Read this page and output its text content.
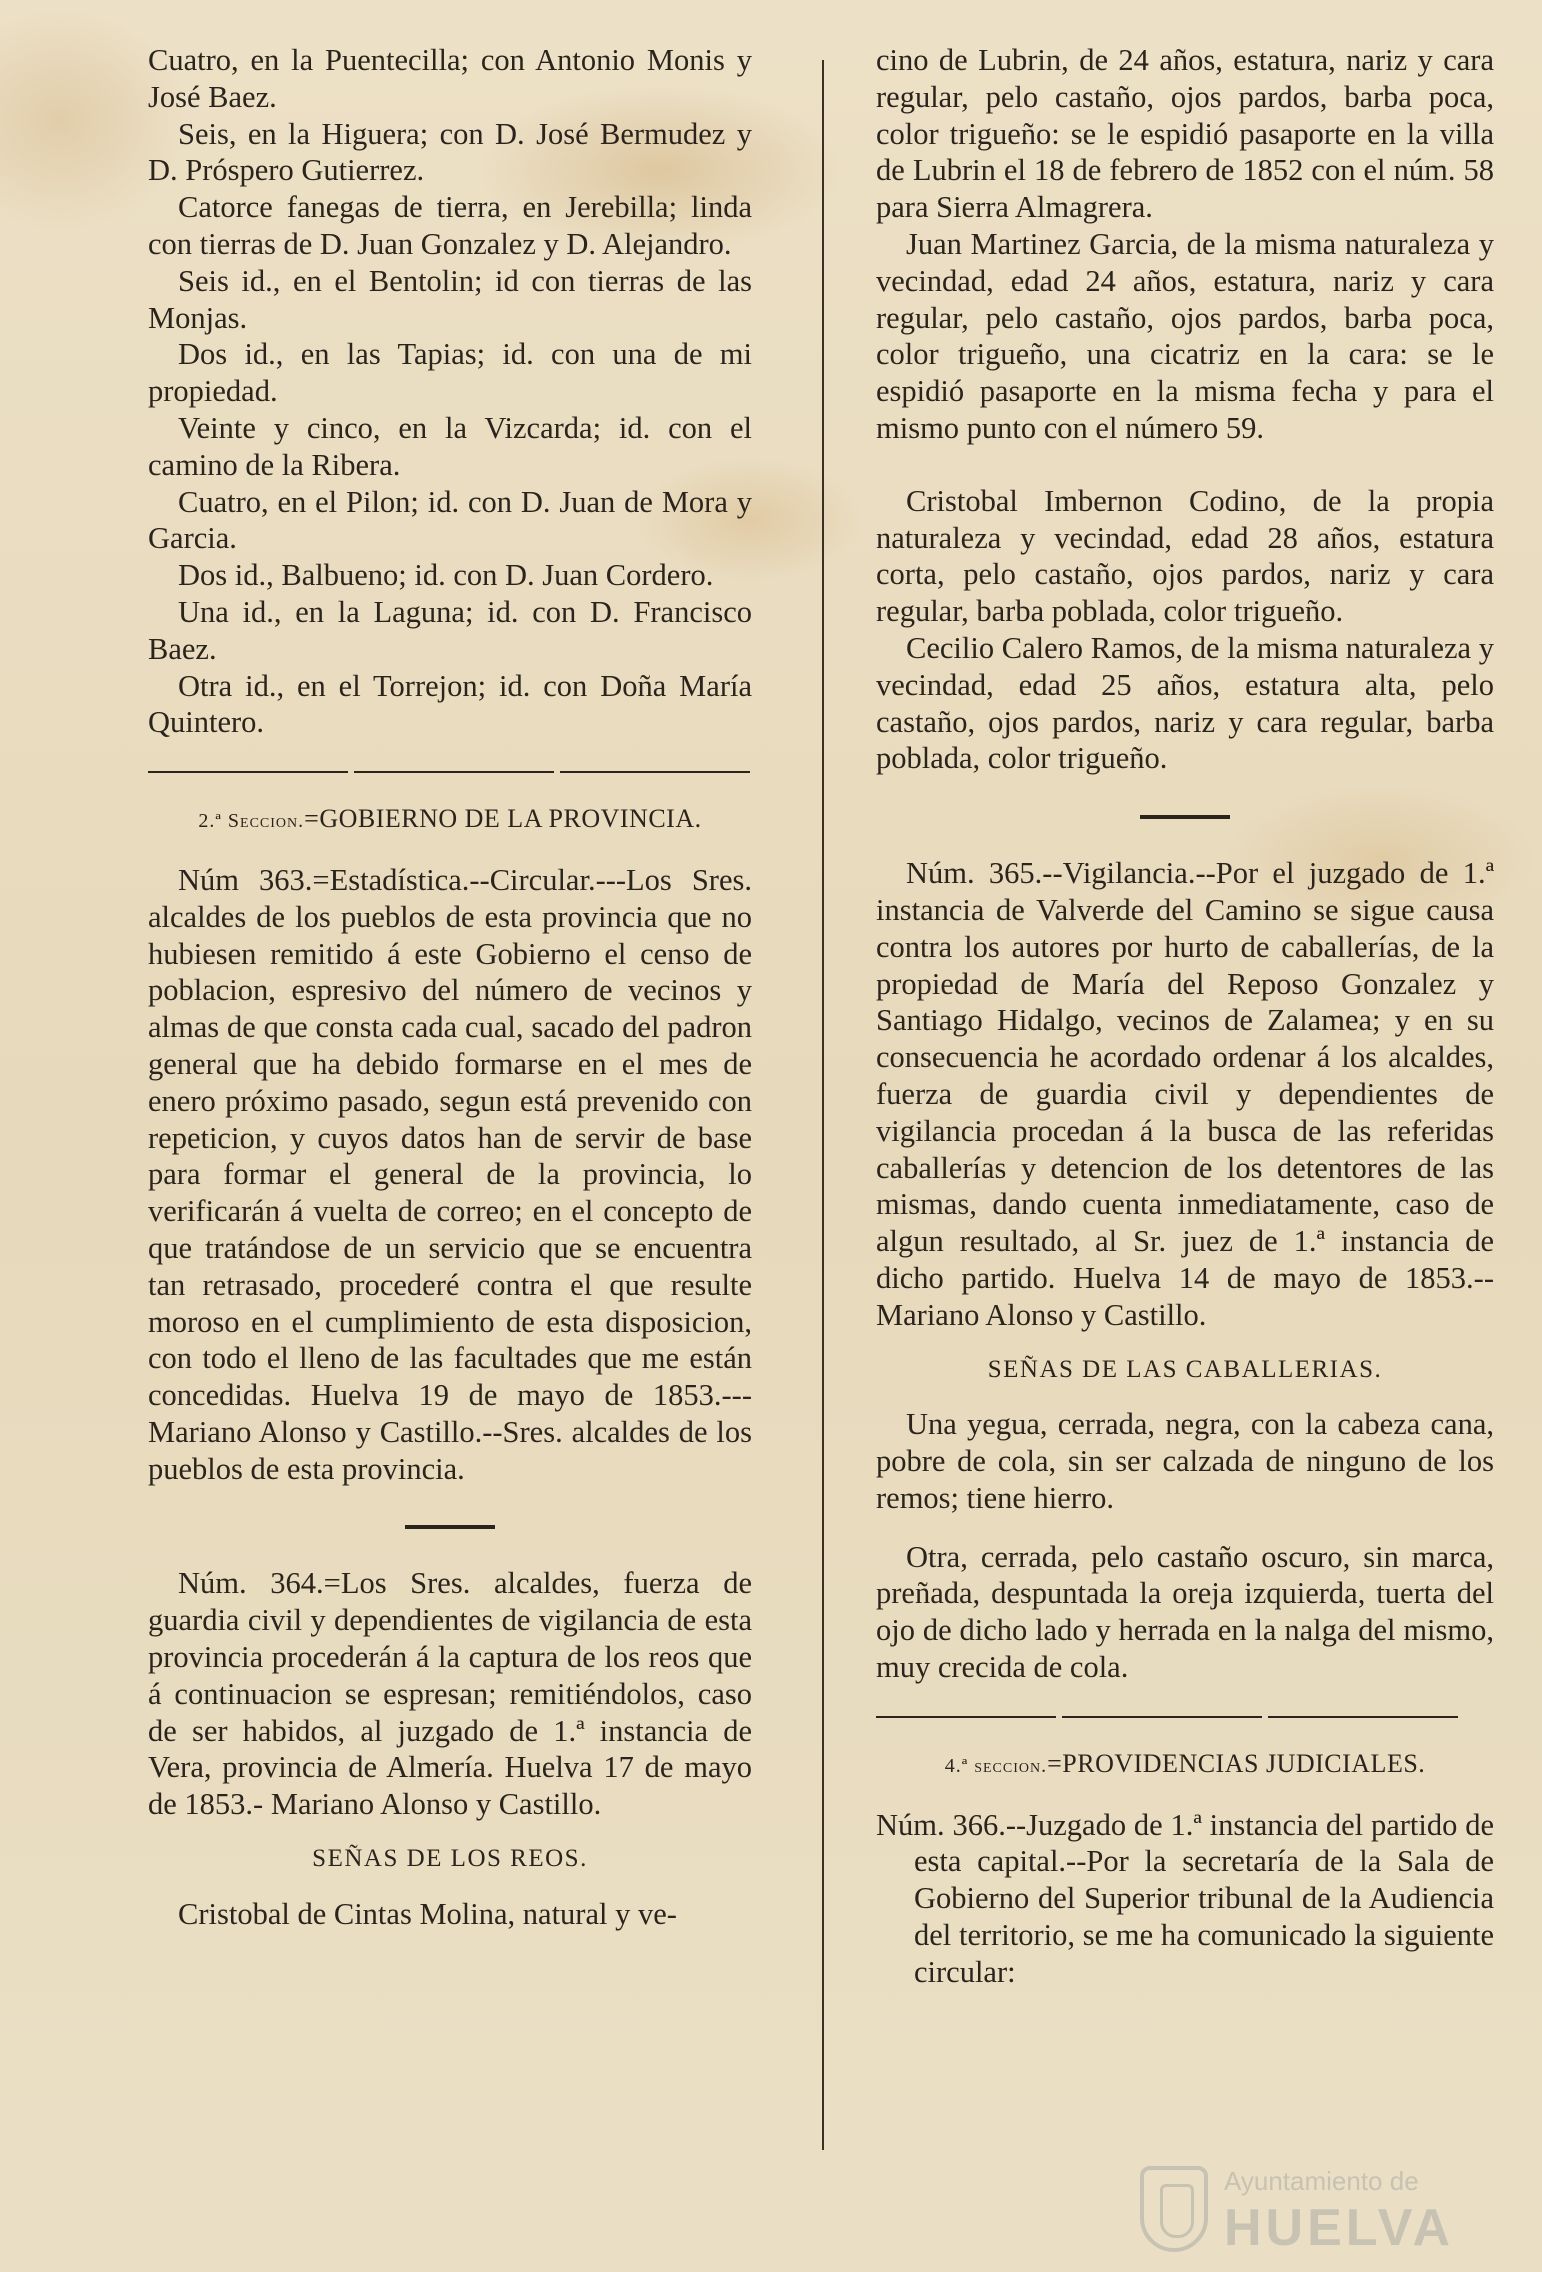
Cuatro, en la Puentecilla; con Antonio Monis y José Baez.

Seis, en la Higuera; con D. José Bermudez y D. Próspero Gutierrez.

Catorce fanegas de tierra, en Jerebilla; linda con tierras de D. Juan Gonzalez y D. Alejandro.

Seis id., en el Bentolin; id con tierras de las Monjas.

Dos id., en las Tapias; id. con una de mi propiedad.

Veinte y cinco, en la Vizcarda; id. con el camino de la Ribera.

Cuatro, en el Pilon; id. con D. Juan de Mora y Garcia.

Dos id., Balbueno; id. con D. Juan Cordero.

Una id., en la Laguna; id. con D. Francisco Baez.

Otra id., en el Torrejon; id. con Doña María Quintero.

2.ª Seccion.=GOBIERNO DE LA PROVINCIA.

Núm 363.=Estadística.--Circular.---Los Sres. alcaldes de los pueblos de esta provincia que no hubiesen remitido á este Gobierno el censo de poblacion, espresivo del número de vecinos y almas de que consta cada cual, sacado del padron general que ha debido formarse en el mes de enero próximo pasado, segun está prevenido con repeticion, y cuyos datos han de servir de base para formar el general de la provincia, lo verificarán á vuelta de correo; en el concepto de que tratándose de un servicio que se encuentra tan retrasado, procederé contra el que resulte moroso en el cumplimiento de esta disposicion, con todo el lleno de las facultades que me están concedidas. Huelva 19 de mayo de 1853.--- Mariano Alonso y Castillo.--Sres. alcaldes de los pueblos de esta provincia.

Núm. 364.=Los Sres. alcaldes, fuerza de guardia civil y dependientes de vigilancia de esta provincia procederán á la captura de los reos que á continuacion se espresan; remitiéndolos, caso de ser habidos, al juzgado de 1.ª instancia de Vera, provincia de Almería. Huelva 17 de mayo de 1853.- Mariano Alonso y Castillo.

SEÑAS DE LOS REOS.

Cristobal de Cintas Molina, natural y ve-

cino de Lubrin, de 24 años, estatura, nariz y cara regular, pelo castaño, ojos pardos, barba poca, color trigueño: se le espidió pasaporte en la villa de Lubrin el 18 de febrero de 1852 con el núm. 58 para Sierra Almagrera.

Juan Martinez Garcia, de la misma naturaleza y vecindad, edad 24 años, estatura, nariz y cara regular, pelo castaño, ojos pardos, barba poca, color trigueño, una cicatriz en la cara: se le espidió pasaporte en la misma fecha y para el mismo punto con el número 59.

Cristobal Imbernon Codino, de la propia naturaleza y vecindad, edad 28 años, estatura corta, pelo castaño, ojos pardos, nariz y cara regular, barba poblada, color trigueño.

Cecilio Calero Ramos, de la misma naturaleza y vecindad, edad 25 años, estatura alta, pelo castaño, ojos pardos, nariz y cara regular, barba poblada, color trigueño.

Núm. 365.--Vigilancia.--Por el juzgado de 1.ª instancia de Valverde del Camino se sigue causa contra los autores por hurto de caballerías, de la propiedad de María del Reposo Gonzalez y Santiago Hidalgo, vecinos de Zalamea; y en su consecuencia he acordado ordenar á los alcaldes, fuerza de guardia civil y dependientes de vigilancia procedan á la busca de las referidas caballerías y detencion de los detentores de las mismas, dando cuenta inmediatamente, caso de algun resultado, al Sr. juez de 1.ª instancia de dicho partido. Huelva 14 de mayo de 1853.--Mariano Alonso y Castillo.

SEÑAS DE LAS CABALLERIAS.

Una yegua, cerrada, negra, con la cabeza cana, pobre de cola, sin ser calzada de ninguno de los remos; tiene hierro.

Otra, cerrada, pelo castaño oscuro, sin marca, preñada, despuntada la oreja izquierda, tuerta del ojo de dicho lado y herrada en la nalga del mismo, muy crecida de cola.

4.ª seccion.=PROVIDENCIAS JUDICIALES.

Núm. 366.--Juzgado de 1.ª instancia del partido de esta capital.--Por la secretaría de la Sala de Gobierno del Superior tribunal de la Audiencia del territorio, se me ha comunicado la siguiente circular:

Ayuntamiento de
HUELVA
